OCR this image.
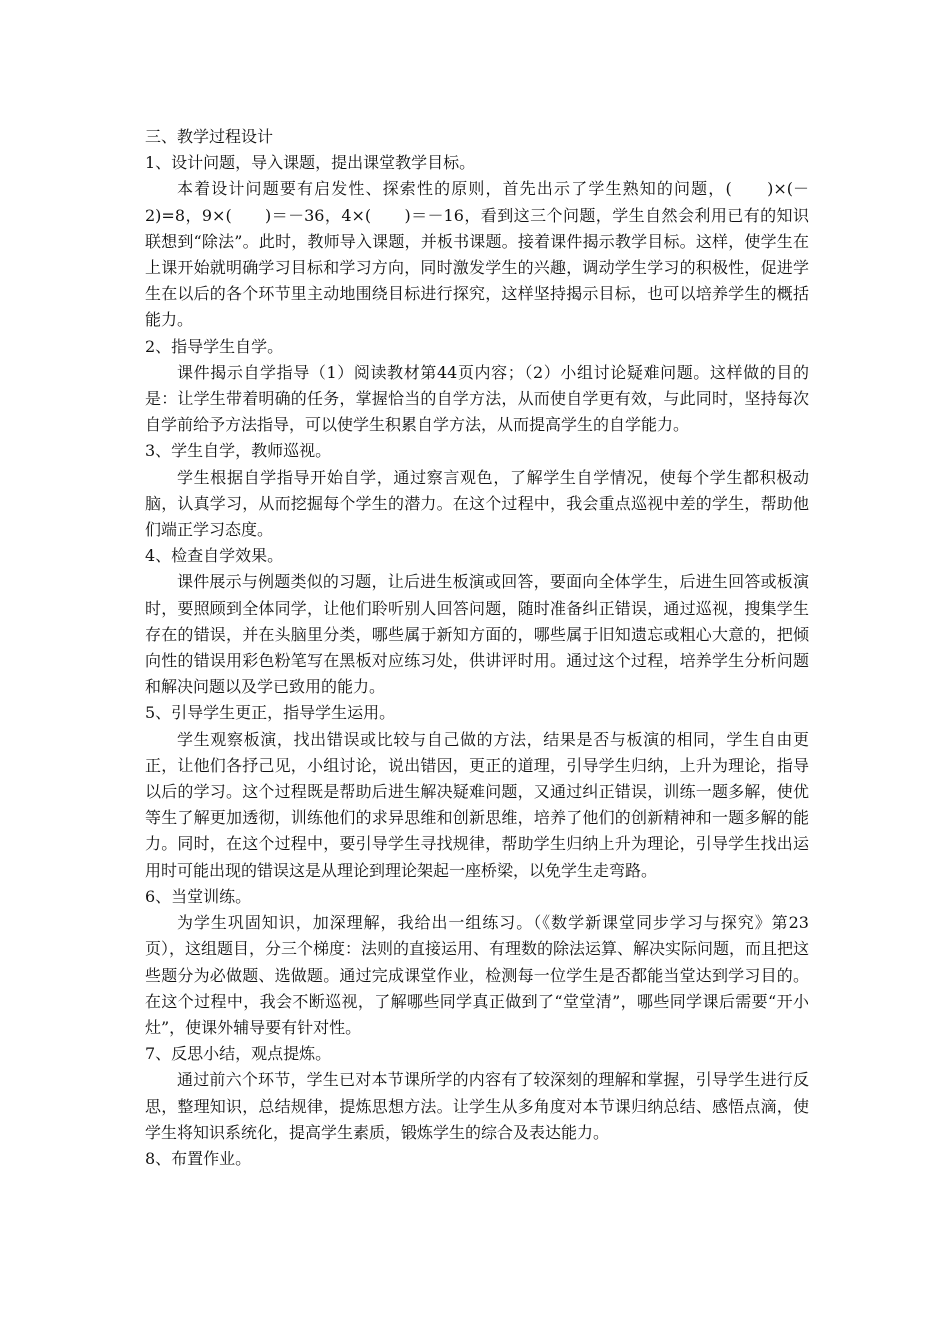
三、教学过程设计

1、设计问题，导入课题，提出课堂教学目标。

本着设计问题要有启发性、探索性的原则，首先出示了学生熟知的问题，(　　)×(－2)=8，9×(　　)＝－36，4×(　　)＝－16，看到这三个问题，学生自然会利用已有的知识联想到“除法”。此时，教师导入课题，并板书课题。接着课件揭示教学目标。这样，使学生在上课开始就明确学习目标和学习方向，同时激发学生的兴趣，调动学生学习的积极性，促进学生在以后的各个环节里主动地围绕目标进行探究，这样坚持揭示目标，也可以培养学生的概括能力。

2、指导学生自学。

课件揭示自学指导（1）阅读教材第44页内容；（2）小组讨论疑难问题。这样做的目的是：让学生带着明确的任务，掌握恰当的自学方法，从而使自学更有效，与此同时，坚持每次自学前给予方法指导，可以使学生积累自学方法，从而提高学生的自学能力。

3、学生自学，教师巡视。

学生根据自学指导开始自学，通过察言观色，了解学生自学情况，使每个学生都积极动脑，认真学习，从而挖掘每个学生的潜力。在这个过程中，我会重点巡视中差的学生，帮助他们端正学习态度。

4、检查自学效果。

课件展示与例题类似的习题，让后进生板演或回答，要面向全体学生，后进生回答或板演时，要照顾到全体同学，让他们聆听别人回答问题，随时准备纠正错误，通过巡视，搜集学生存在的错误，并在头脑里分类，哪些属于新知方面的，哪些属于旧知遗忘或粗心大意的，把倾向性的错误用彩色粉笔写在黑板对应练习处，供讲评时用。通过这个过程，培养学生分析问题和解决问题以及学已致用的能力。

5、引导学生更正，指导学生运用。

学生观察板演，找出错误或比较与自己做的方法，结果是否与板演的相同，学生自由更正，让他们各抒己见，小组讨论，说出错因，更正的道理，引导学生归纳，上升为理论，指导以后的学习。这个过程既是帮助后进生解决疑难问题，又通过纠正错误，训练一题多解，使优等生了解更加透彻，训练他们的求异思维和创新思维，培养了他们的创新精神和一题多解的能力。同时，在这个过程中，要引导学生寻找规律，帮助学生归纳上升为理论，引导学生找出运用时可能出现的错误这是从理论到理论架起一座桥梁，以免学生走弯路。

6、当堂训练。

为学生巩固知识，加深理解，我给出一组练习。（《数学新课堂同步学习与探究》第23页），这组题目，分三个梯度：法则的直接运用、有理数的除法运算、解决实际问题，而且把这些题分为必做题、选做题。通过完成课堂作业，检测每一位学生是否都能当堂达到学习目的。在这个过程中，我会不断巡视，了解哪些同学真正做到了“堂堂清”，哪些同学课后需要“开小灶”，使课外辅导要有针对性。

7、反思小结，观点提炼。

通过前六个环节，学生已对本节课所学的内容有了较深刻的理解和掌握，引导学生进行反思，整理知识，总结规律，提炼思想方法。让学生从多角度对本节课归纳总结、感悟点滴，使学生将知识系统化，提高学生素质，锻炼学生的综合及表达能力。

8、布置作业。
